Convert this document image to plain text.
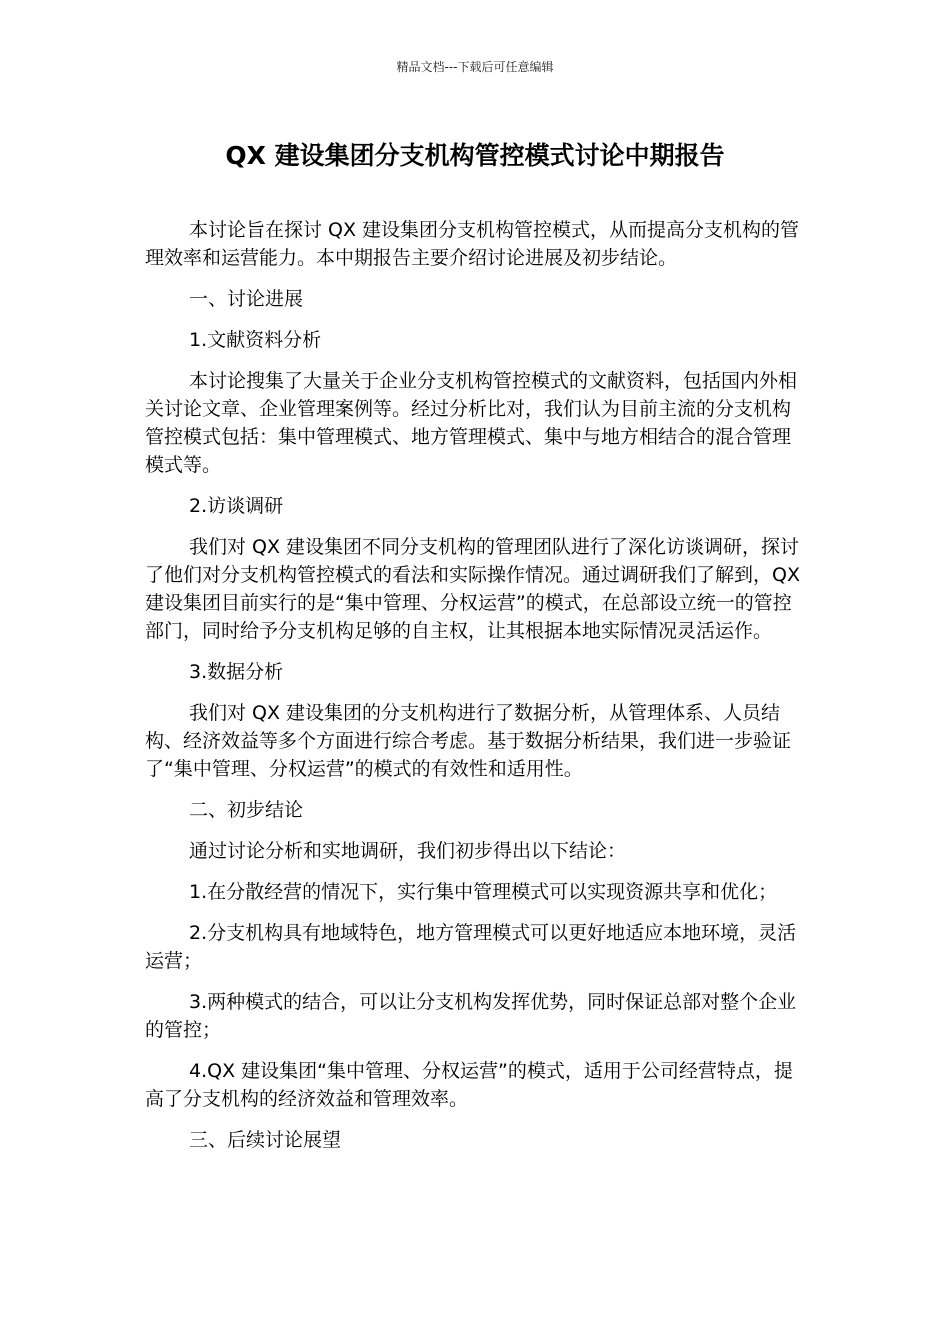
精品文档---下载后可任意编辑
QX 建设集团分支机构管控模式讨论中期报告

本讨论旨在探讨 QX 建设集团分支机构管控模式，从而提高分支机构的管理效率和运营能力。本中期报告主要介绍讨论进展及初步结论。

一、讨论进展

1.文献资料分析

本讨论搜集了大量关于企业分支机构管控模式的文献资料，包括国内外相关讨论文章、企业管理案例等。经过分析比对，我们认为目前主流的分支机构管控模式包括：集中管理模式、地方管理模式、集中与地方相结合的混合管理模式等。

2.访谈调研

我们对 QX 建设集团不同分支机构的管理团队进行了深化访谈调研，探讨了他们对分支机构管控模式的看法和实际操作情况。通过调研我们了解到，QX 建设集团目前实行的是“集中管理、分权运营”的模式，在总部设立统一的管控部门，同时给予分支机构足够的自主权，让其根据本地实际情况灵活运作。

3.数据分析

我们对 QX 建设集团的分支机构进行了数据分析，从管理体系、人员结构、经济效益等多个方面进行综合考虑。基于数据分析结果，我们进一步验证了“集中管理、分权运营”的模式的有效性和适用性。

二、初步结论

通过讨论分析和实地调研，我们初步得出以下结论：

1.在分散经营的情况下，实行集中管理模式可以实现资源共享和优化；

2.分支机构具有地域特色，地方管理模式可以更好地适应本地环境，灵活运营；

3.两种模式的结合，可以让分支机构发挥优势，同时保证总部对整个企业的管控；

4.QX 建设集团“集中管理、分权运营”的模式，适用于公司经营特点，提高了分支机构的经济效益和管理效率。

三、后续讨论展望
